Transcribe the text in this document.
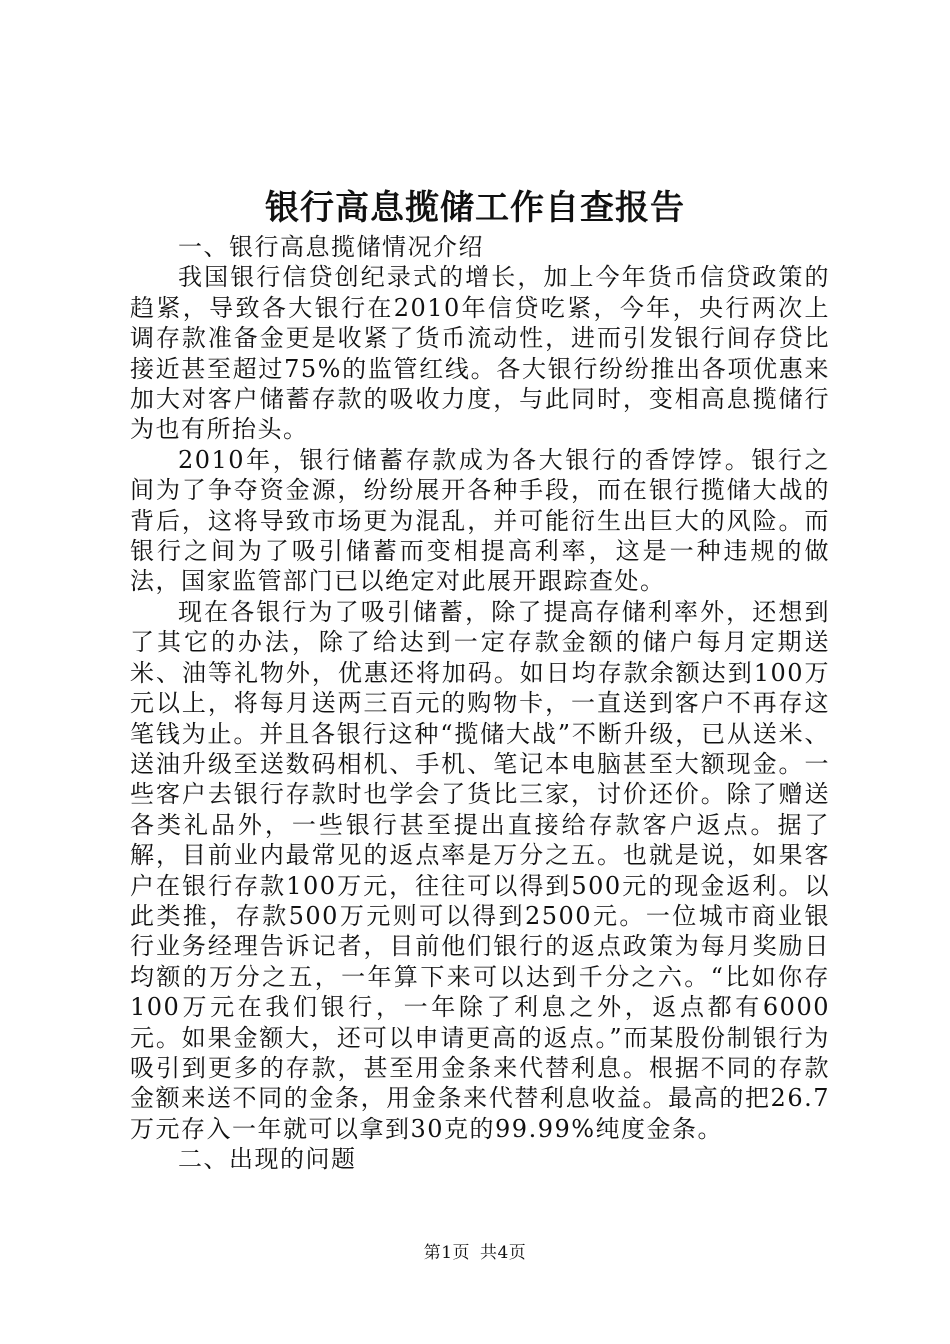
银行高息揽储工作自查报告

一、银行高息揽储情况介绍

我国银行信贷创纪录式的增长，加上今年货币信贷政策的趋紧，导致各大银行在2010年信贷吃紧，今年，央行两次上调存款准备金更是收紧了货币流动性，进而引发银行间存贷比接近甚至超过75%的监管红线。各大银行纷纷推出各项优惠来加大对客户储蓄存款的吸收力度，与此同时，变相高息揽储行为也有所抬头。

2010年，银行储蓄存款成为各大银行的香饽饽。银行之间为了争夺资金源，纷纷展开各种手段，而在银行揽储大战的背后，这将导致市场更为混乱，并可能衍生出巨大的风险。而银行之间为了吸引储蓄而变相提高利率，这是一种违规的做法，国家监管部门已以绝定对此展开跟踪查处。

现在各银行为了吸引储蓄，除了提高存储利率外，还想到了其它的办法，除了给达到一定存款金额的储户每月定期送米、油等礼物外，优惠还将加码。如日均存款余额达到100万元以上，将每月送两三百元的购物卡，一直送到客户不再存这笔钱为止。并且各银行这种“揽储大战”不断升级，已从送米、送油升级至送数码相机、手机、笔记本电脑甚至大额现金。一些客户去银行存款时也学会了货比三家，讨价还价。除了赠送各类礼品外，一些银行甚至提出直接给存款客户返点。据了解，目前业内最常见的返点率是万分之五。也就是说，如果客户在银行存款100万元，往往可以得到500元的现金返利。以此类推，存款500万元则可以得到2500元。一位城市商业银行业务经理告诉记者，目前他们银行的返点政策为每月奖励日均额的万分之五，一年算下来可以达到千分之六。“比如你存100万元在我们银行，一年除了利息之外，返点都有6000元。如果金额大，还可以申请更高的返点。”而某股份制银行为吸引到更多的存款，甚至用金条来代替利息。根据不同的存款金额来送不同的金条，用金条来代替利息收益。最高的把26.7万元存入一年就可以拿到30克的99.99%纯度金条。

二、出现的问题

第1页 共4页
